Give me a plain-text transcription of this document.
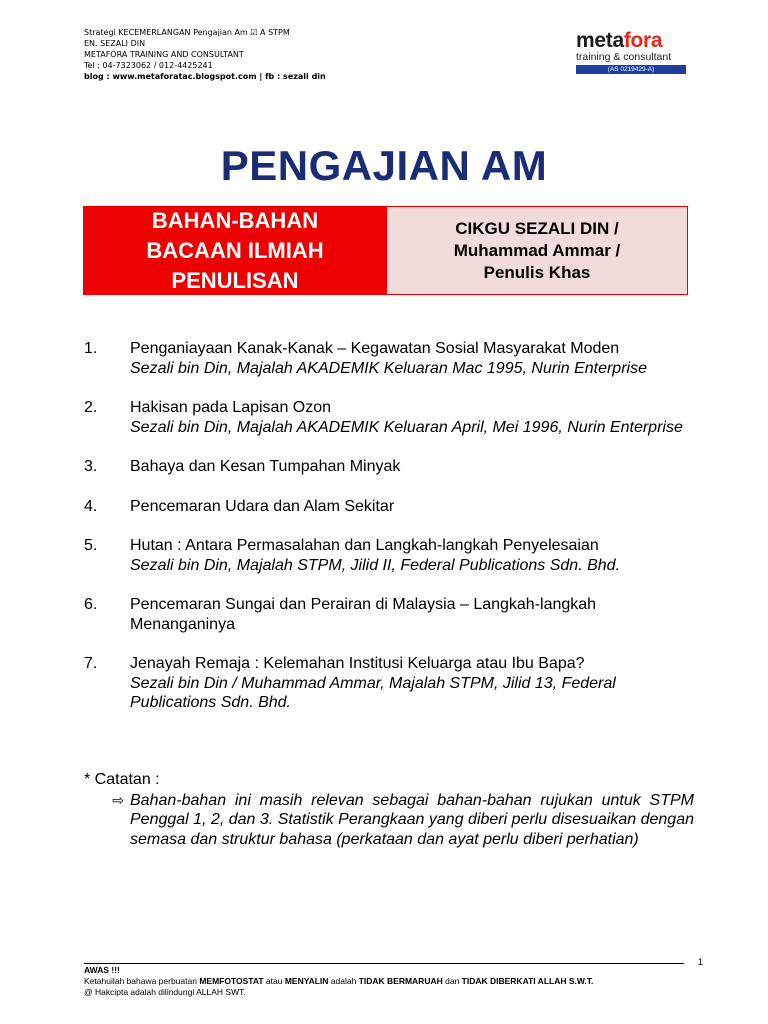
Strategi KECEMERLANGAN Pengajian Am ☑ A STPM
EN. SEZALI DIN
METAFORA TRAINING AND CONSULTANT
Tel : 04-7323062 / 012-4425241
blog : www.metaforatac.blogspot.com | fb : sezali din
metafora
training & consultant
(AS 0219429-A)
PENGAJIAN AM
BAHAN-BAHAN
BACAAN ILMIAH
PENULISAN
CIKGU SEZALI DIN /
Muhammad Ammar /
Penulis Khas
1.	Penganiayaan Kanak-Kanak – Kegawatan Sosial Masyarakat Moden
Sezali bin Din, Majalah AKADEMIK Keluaran Mac 1995, Nurin Enterprise
2.	Hakisan pada Lapisan Ozon
Sezali bin Din, Majalah AKADEMIK Keluaran April, Mei 1996, Nurin Enterprise
3.	Bahaya dan Kesan Tumpahan Minyak
4.	Pencemaran Udara dan Alam Sekitar
5.	Hutan : Antara Permasalahan dan Langkah-langkah Penyelesaian
Sezali bin Din, Majalah STPM, Jilid II, Federal Publications Sdn. Bhd.
6.	Pencemaran Sungai dan Perairan di Malaysia – Langkah-langkah Menanganinya
7.	Jenayah Remaja : Kelemahan Institusi Keluarga atau Ibu Bapa?
Sezali bin Din / Muhammad Ammar, Majalah STPM, Jilid 13, Federal Publications Sdn. Bhd.
* Catatan :
⇨ Bahan-bahan ini masih relevan sebagai bahan-bahan rujukan untuk STPM Penggal 1, 2, dan 3. Statistik Perangkaan yang diberi perlu disesuaikan dengan semasa dan struktur bahasa (perkataan dan ayat perlu diberi perhatian)
1
AWAS !!!
Ketahuilah bahawa perbuatan MEMFOTOSTAT atau MENYALIN adalah TIDAK BERMARUAH dan TIDAK DIBERKATI ALLAH S.W.T.
@ Hakcipta adalah dilindungi ALLAH SWT.
